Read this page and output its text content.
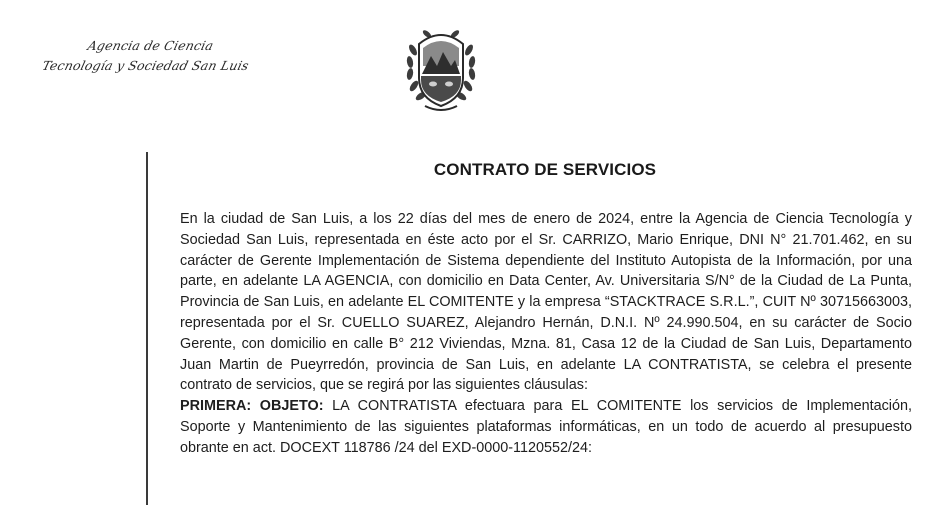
Agencia de Ciencia
Tecnología y Sociedad San Luis
CONTRATO DE SERVICIOS

En la ciudad de San Luis, a los 22 días del mes de enero de 2024, entre la Agencia de Ciencia Tecnología y Sociedad San Luis, representada en éste acto por el Sr. CARRIZO, Mario Enrique, DNI N° 21.701.462, en su carácter de Gerente Implementación de Sistema dependiente del Instituto Autopista de la Información, por una parte, en adelante LA AGENCIA, con domicilio en Data Center, Av. Universitaria S/N° de la Ciudad de La Punta, Provincia de San Luis, en adelante EL COMITENTE y la empresa “STACKTRACE S.R.L.”, CUIT Nº 30715663003, representada por el Sr. CUELLO SUAREZ, Alejandro Hernán, D.N.I. Nº 24.990.504, en su carácter de Socio Gerente, con domicilio en calle B° 212 Viviendas, Mzna. 81, Casa 12 de la Ciudad de San Luis, Departamento Juan Martin de Pueyrredón, provincia de San Luis, en adelante LA CONTRATISTA, se celebra el presente contrato de servicios, que se regirá por las siguientes cláusulas:

PRIMERA: OBJETO: LA CONTRATISTA efectuara para EL COMITENTE los servicios de Implementación, Soporte y Mantenimiento de las siguientes plataformas informáticas, en un todo de acuerdo al presupuesto obrante en act. DOCEXT 118786 /24 del EXD-0000-1120552/24:
